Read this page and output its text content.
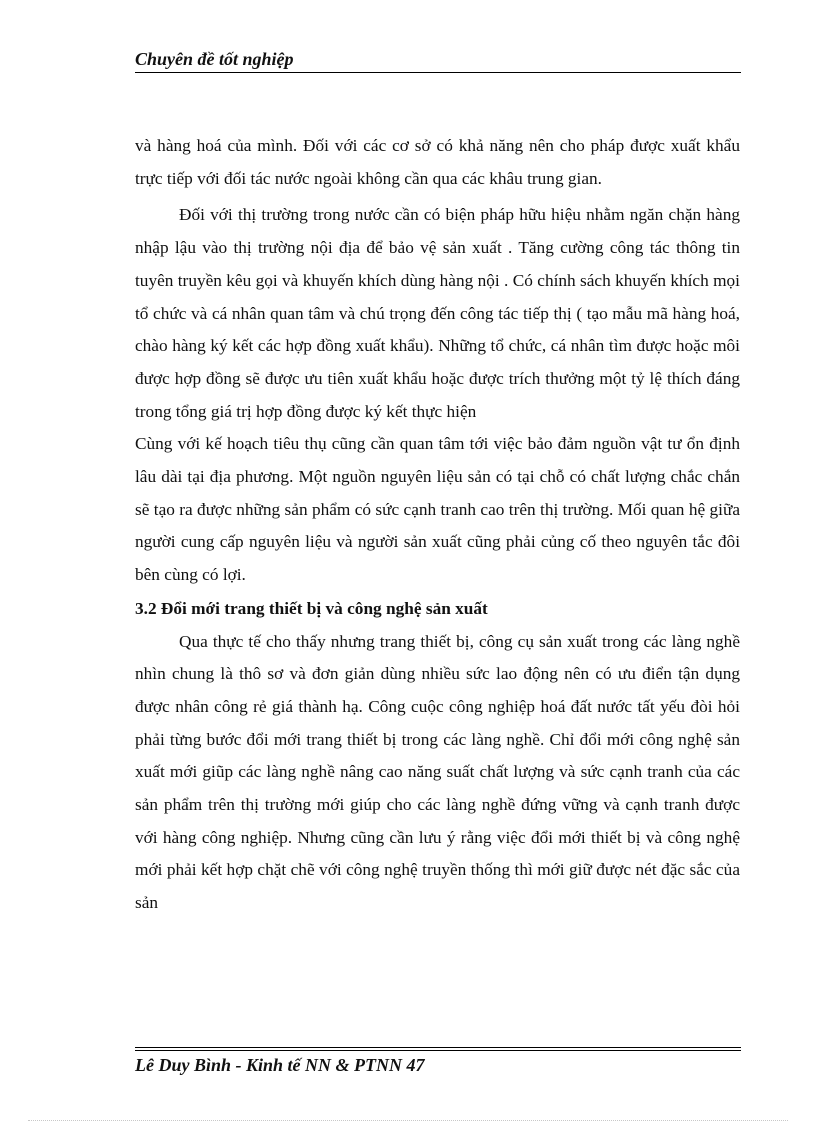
Chuyên đề tốt nghiệp

và hàng hoá của mình. Đối với các cơ sở có khả năng nên cho pháp được xuất khẩu trực tiếp với đối tác nước ngoài không cần qua các khâu trung gian.

Đối với thị trường trong nước cần có biện pháp hữu hiệu nhằm ngăn chặn hàng nhập lậu vào thị trường nội địa để bảo vệ sản xuất . Tăng cường công tác thông tin tuyên truyền kêu gọi và khuyến khích dùng hàng nội . Có chính sách khuyến khích mọi tổ chức và cá nhân quan tâm và chú trọng đến công tác tiếp thị ( tạo mẫu mã hàng hoá, chào hàng ký kết các hợp đồng xuất khẩu). Những tổ chức, cá nhân tìm được hoặc môi được hợp đồng sẽ được ưu tiên xuất khẩu hoặc được trích thưởng một tỷ lệ thích đáng trong tổng giá trị hợp đồng được ký kết thực hiện

Cùng với kế hoạch tiêu thụ cũng cần quan tâm tới việc bảo đảm nguồn vật tư ổn định lâu dài tại địa phương. Một nguồn nguyên liệu sản có tại chỗ có chất lượng chắc chắn sẽ tạo ra được những sản phẩm có sức cạnh tranh cao trên thị trường. Mối quan hệ giữa người cung cấp nguyên liệu và người sản xuất cũng phải củng cố theo nguyên tắc đôi bên cùng có lợi.

3.2 Đổi mới trang thiết bị và công nghệ sản xuất

Qua thực tế cho thấy nhưng trang thiết bị, công cụ sản xuất trong các làng nghề nhìn chung là thô sơ và đơn giản dùng nhiều sức lao động nên có ưu điển tận dụng được nhân công rẻ giá thành hạ. Công cuộc công nghiệp hoá đất nước tất yếu đòi hỏi phải từng bước đổi mới trang thiết bị trong các làng nghề. Chỉ đổi mới công nghệ sản xuất mới giũp các làng nghề nâng cao năng suất chất lượng và sức cạnh tranh của các sản phẩm trên thị trường mới giúp cho các làng nghề đứng vững và cạnh tranh được với hàng công nghiệp. Nhưng cũng cần lưu ý rằng việc đổi mới thiết bị và công nghệ mới phải kết hợp chặt chẽ với công nghệ truyền thống thì mới giữ được nét đặc sắc của sản

Lê Duy Bình - Kinh tế NN & PTNN 47
